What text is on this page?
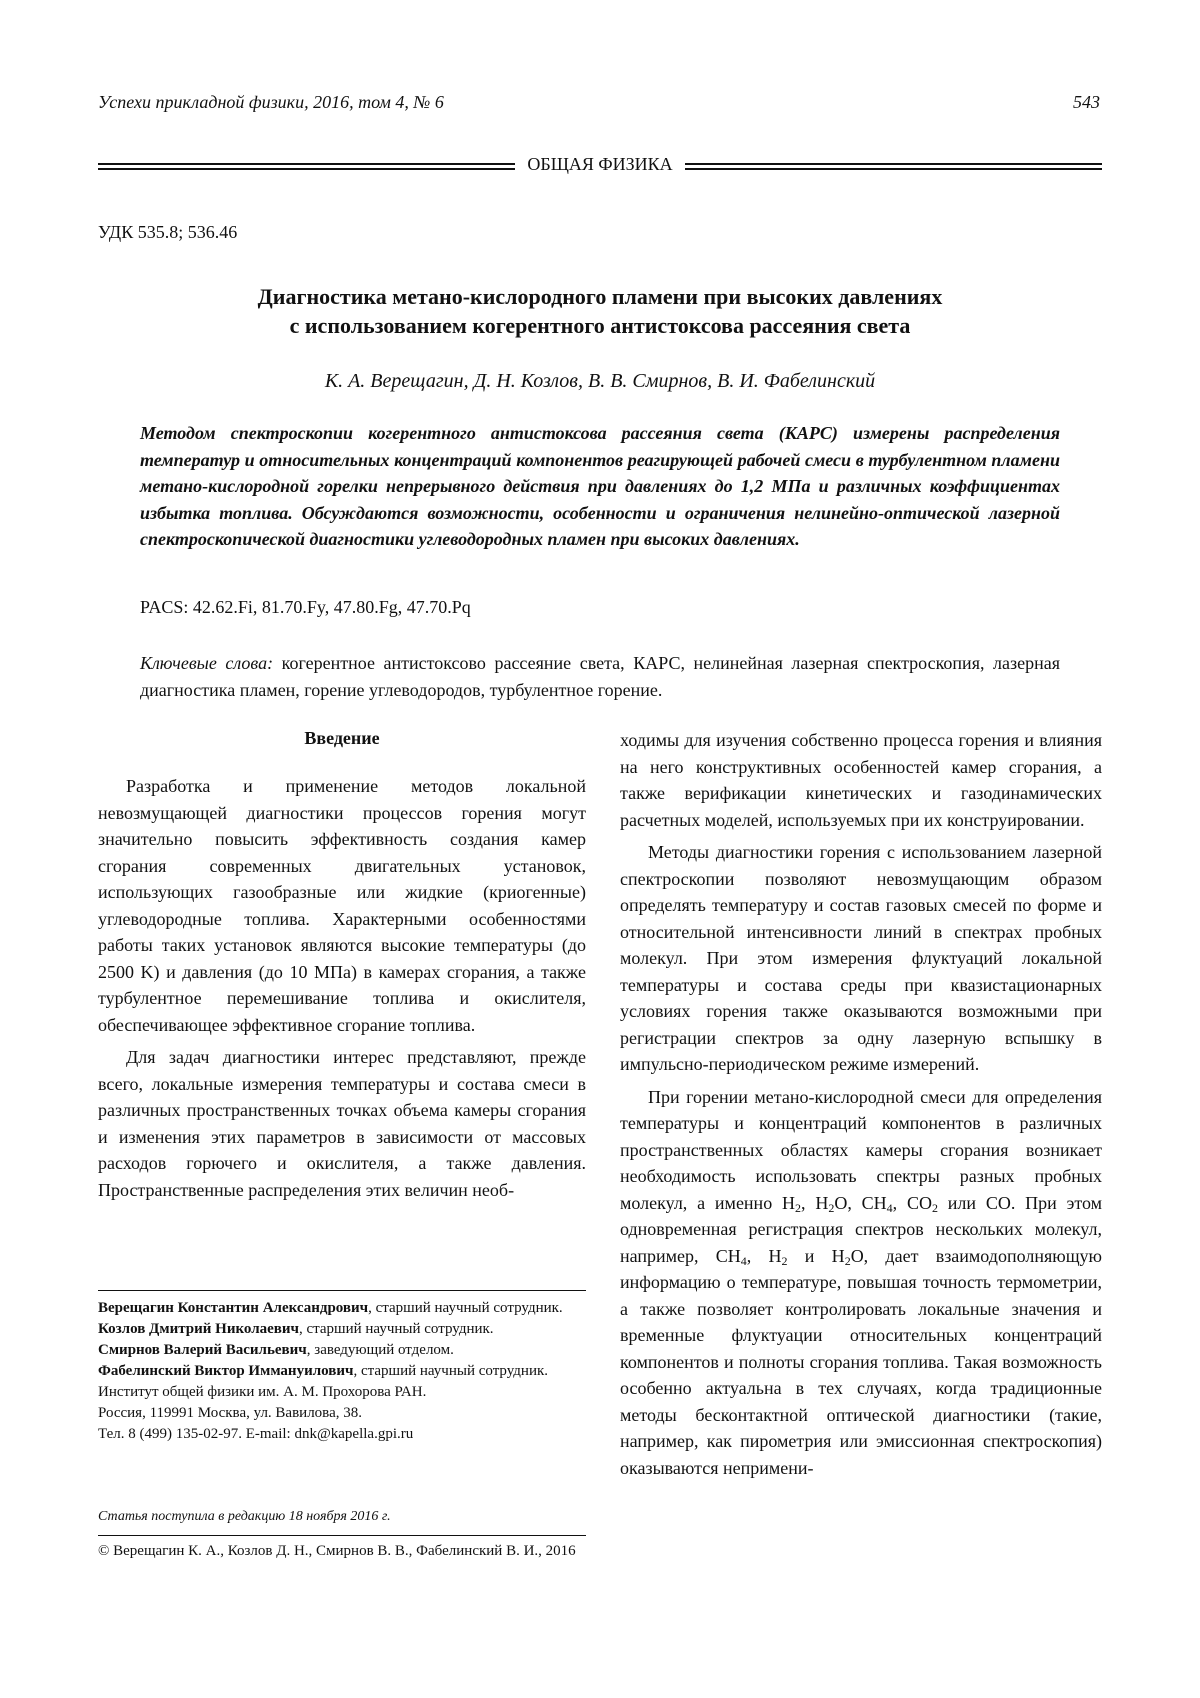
Успехи прикладной физики, 2016, том 4, № 6	543
ОБЩАЯ ФИЗИКА
УДК 535.8; 536.46
Диагностика метано-кислородного пламени при высоких давлениях
с использованием когерентного антистоксова рассеяния света
К. А. Верещагин, Д. Н. Козлов, В. В. Смирнов, В. И. Фабелинский
Методом спектроскопии когерентного антистоксова рассеяния света (КАРС) измерены распределения температур и относительных концентраций компонентов реагирующей рабочей смеси в турбулентном пламени метано-кислородной горелки непрерывного действия при давлениях до 1,2 МПа и различных коэффициентах избытка топлива. Обсуждаются возможности, особенности и ограничения нелинейно-оптической лазерной спектроскопической диагностики углеводородных пламен при высоких давлениях.
PACS: 42.62.Fi, 81.70.Fy, 47.80.Fg, 47.70.Pq
Ключевые слова: когерентное антистоксово рассеяние света, КАРС, нелинейная лазерная спектроскопия, лазерная диагностика пламен, горение углеводородов, турбулентное горение.
Введение

Разработка и применение методов локальной невозмущающей диагностики процессов горения могут значительно повысить эффективность создания камер сгорания современных двигательных установок, использующих газообразные или жидкие (криогенные) углеводородные топлива. Характерными особенностями работы таких установок являются высокие температуры (до 2500 K) и давления (до 10 МПа) в камерах сгорания, а также турбулентное перемешивание топлива и окислителя, обеспечивающее эффективное сгорание топлива.

Для задач диагностики интерес представляют, прежде всего, локальные измерения температуры и состава смеси в различных пространственных точках объема камеры сгорания и изменения этих параметров в зависимости от массовых расходов горючего и окислителя, а также давления. Пространственные распределения этих величин необ-

Верещагин Константин Александрович, старший научный сотрудник.

Козлов Дмитрий Николаевич, старший научный сотрудник.

Смирнов Валерий Васильевич, заведующий отделом.

Фабелинский Виктор Иммануилович, старший научный сотрудник.

Институт общей физики им. А. М. Прохорова РАН.

Россия, 119991 Москва, ул. Вавилова, 38.

Тел. 8 (499) 135-02-97. E-mail: dnk@kapella.gpi.ru

Статья поступила в редакцию 18 ноября 2016 г.
© Верещагин К. А., Козлов Д. Н., Смирнов В. В., Фабелинский В. И., 2016

ходимы для изучения собственно процесса горения и влияния на него конструктивных особенностей камер сгорания, а также верификации кинетических и газодинамических расчетных моделей, используемых при их конструировании.

Методы диагностики горения с использованием лазерной спектроскопии позволяют невозмущающим образом определять температуру и состав газовых смесей по форме и относительной интенсивности линий в спектрах пробных молекул. При этом измерения флуктуаций локальной температуры и состава среды при квазистационарных условиях горения также оказываются возможными при регистрации спектров за одну лазерную вспышку в импульсно-периодическом режиме измерений.

При горении метано-кислородной смеси для определения температуры и концентраций компонентов в различных пространственных областях камеры сгорания возникает необходимость использовать спектры разных пробных молекул, а именно $H_2$, $H_2O$, $CH_4$, $CO_2$ или CO. При этом одновременная регистрация спектров нескольких молекул, например, $CH_4$, $H_2$ и $H_2O$, дает взаимодополняющую информацию о температуре, повышая точность термометрии, а также позволяет контролировать локальные значения и временные флуктуации относительных концентраций компонентов и полноты сгорания топлива. Такая возможность особенно актуальна в тех случаях, когда традиционные методы бесконтактной оптической диагностики (такие, например, как пирометрия или эмиссионная спектроскопия) оказываются непримени-
